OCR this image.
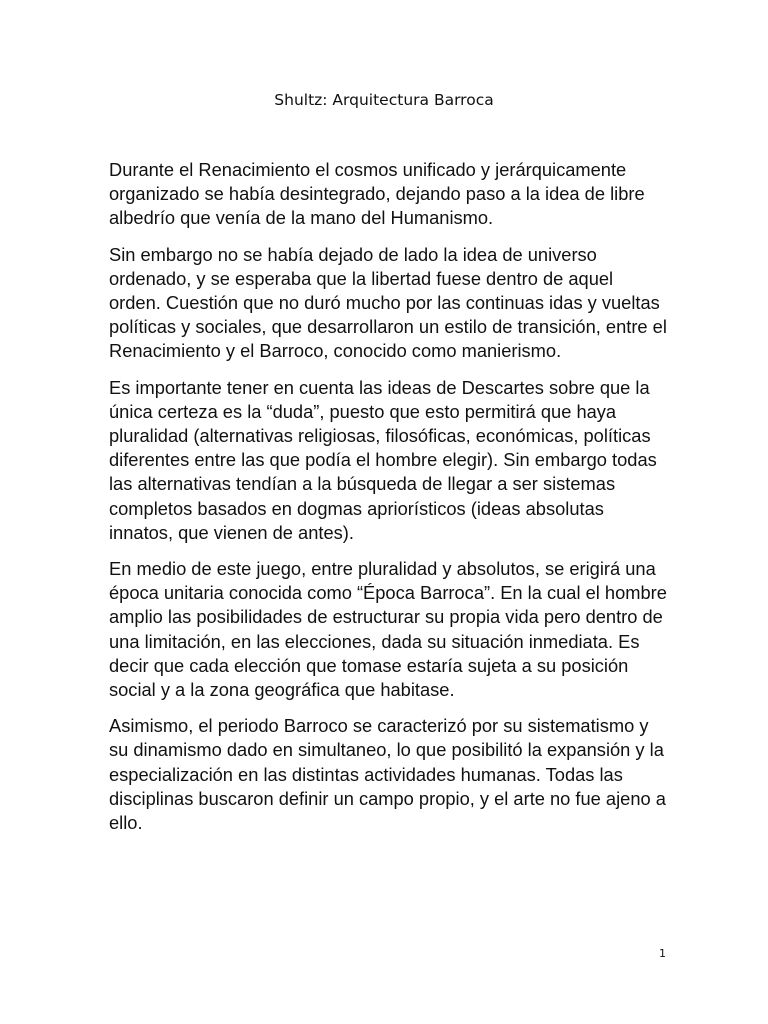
Shultz: Arquitectura Barroca

Durante el Renacimiento el cosmos unificado y jerárquicamente organizado se había desintegrado, dejando paso a la idea de libre albedrío que venía de la mano del Humanismo.

Sin embargo no se había dejado de lado la idea de universo ordenado, y se esperaba que la libertad fuese dentro de aquel orden. Cuestión que no duró mucho por las continuas idas y vueltas políticas y sociales, que desarrollaron un estilo de transición, entre el Renacimiento y el Barroco, conocido como manierismo.

Es importante tener en cuenta las ideas de Descartes sobre que la única certeza es la “duda”, puesto que esto permitirá que haya pluralidad (alternativas religiosas, filosóficas, económicas, políticas diferentes entre las que podía el hombre elegir). Sin embargo todas las alternativas tendían a la búsqueda de llegar a ser sistemas completos basados en dogmas apriorísticos (ideas absolutas innatos, que vienen de antes).

En medio de este juego, entre pluralidad y absolutos, se erigirá una época unitaria conocida como “Época Barroca”. En la cual el hombre amplio las posibilidades de estructurar su propia vida pero dentro de una limitación, en las elecciones, dada su situación inmediata. Es decir que cada elección que tomase estaría sujeta a su posición social y a la zona geográfica que habitase.

Asimismo, el periodo Barroco se caracterizó por su sistematismo y su dinamismo dado en simultaneo, lo que posibilitó la expansión y la especialización en las distintas actividades humanas. Todas las disciplinas buscaron definir un campo propio, y el arte no fue ajeno a ello.

1
